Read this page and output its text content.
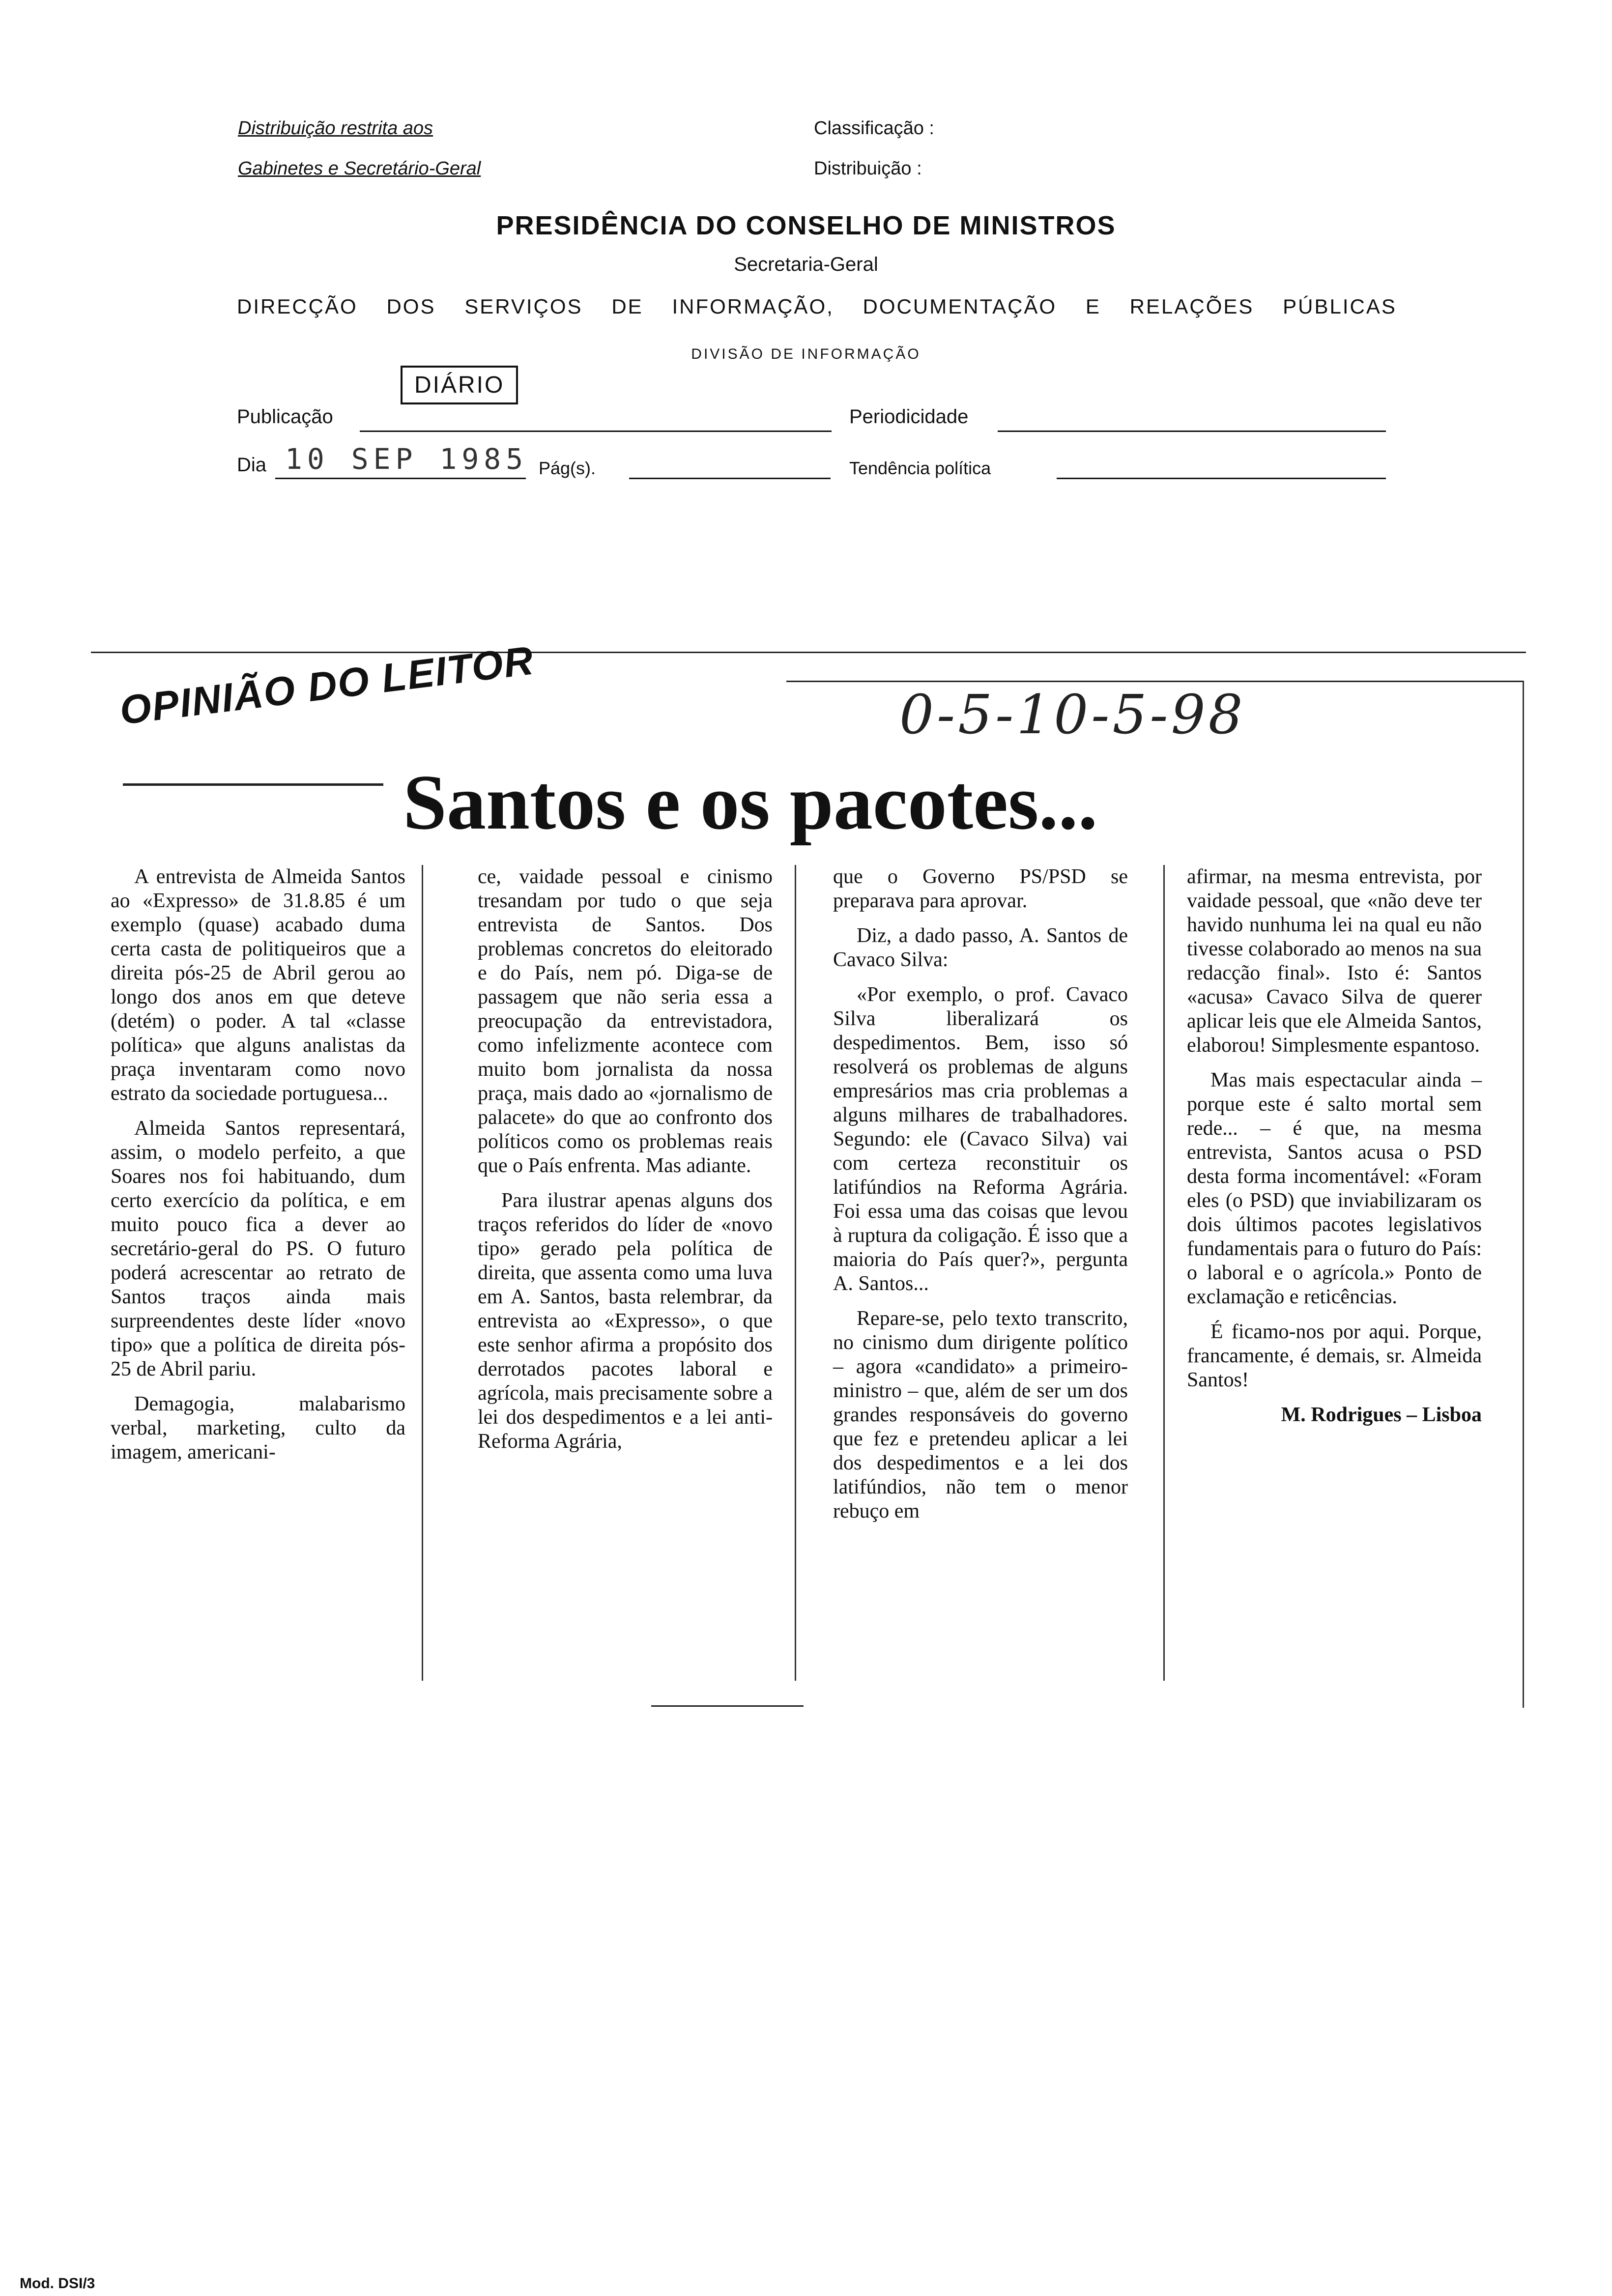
Distribuição restrita aos
Gabinetes e Secretário-Geral
Classificação :
Distribuição :
PRESIDÊNCIA DO CONSELHO DE MINISTROS
Secretaria-Geral
DIRECÇÃO DOS SERVIÇOS DE INFORMAÇÃO, DOCUMENTAÇÃO E RELAÇÕES PÚBLICAS
DIVISÃO DE INFORMAÇÃO
DIÁRIO
Publicação	Periodicidade
Dia 10 SEP 1985 Pág(s).	Tendência política
OPINIÃO DO LEITOR	0-5-10-5-98
Santos e os pacotes...

A entrevista de Almeida Santos ao «Expresso» de 31.8.85 é um exemplo (quase) acabado duma certa casta de politiqueiros que a direita pós-25 de Abril gerou ao longo dos anos em que deteve (detém) o poder. A tal «classe política» que alguns analistas da praça inventaram como novo estrato da sociedade portuguesa...

Almeida Santos representará, assim, o modelo perfeito, a que Soares nos foi habituando, dum certo exercício da política, e em muito pouco fica a dever ao secretário-geral do PS. O futuro poderá acrescentar ao retrato de Santos traços ainda mais surpreendentes deste líder «novo tipo» que a política de direita pós-25 de Abril pariu.

Demagogia, malabarismo verbal, marketing, culto da imagem, americani-

ce, vaidade pessoal e cinismo tresandam por tudo o que seja entrevista de Santos. Dos problemas concretos do eleitorado e do País, nem pó. Diga-se de passagem que não seria essa a preocupação da entrevistadora, como infelizmente acontece com muito bom jornalista da nossa praça, mais dado ao «jornalismo de palacete» do que ao confronto dos políticos como os problemas reais que o País enfrenta. Mas adiante.

Para ilustrar apenas alguns dos traços referidos do líder de «novo tipo» gerado pela política de direita, que assenta como uma luva em A. Santos, basta relembrar, da entrevista ao «Expresso», o que este senhor afirma a propósito dos derrotados pacotes laboral e agrícola, mais precisamente sobre a lei dos despedimentos e a lei anti-Reforma Agrária,

que o Governo PS/PSD se preparava para aprovar.

Diz, a dado passo, A. Santos de Cavaco Silva:

«Por exemplo, o prof. Cavaco Silva liberalizará os despedimentos. Bem, isso só resolverá os problemas de alguns empresários mas cria problemas a alguns milhares de trabalhadores. Segundo: ele (Cavaco Silva) vai com certeza reconstituir os latifúndios na Reforma Agrária. Foi essa uma das coisas que levou à ruptura da coligação. É isso que a maioria do País quer?», pergunta A. Santos...

Repare-se, pelo texto transcrito, no cinismo dum dirigente político – agora «candidato» a primeiro-ministro – que, além de ser um dos grandes responsáveis do governo que fez e pretendeu aplicar a lei dos despedimentos e a lei dos latifúndios, não tem o menor rebuço em

afirmar, na mesma entrevista, por vaidade pessoal, que «não deve ter havido nunhuma lei na qual eu não tivesse colaborado ao menos na sua redacção final». Isto é: Santos «acusa» Cavaco Silva de querer aplicar leis que ele Almeida Santos, elaborou! Simplesmente espantoso.

Mas mais espectacular ainda – porque este é salto mortal sem rede... – é que, na mesma entrevista, Santos acusa o PSD desta forma incomentável: «Foram eles (o PSD) que inviabilizaram os dois últimos pacotes legislativos fundamentais para o futuro do País: o laboral e o agrícola.» Ponto de exclamação e reticências.

É ficamo-nos por aqui. Porque, francamente, é demais, sr. Almeida Santos!

M. Rodrigues – Lisboa

Mod. DSI/3
